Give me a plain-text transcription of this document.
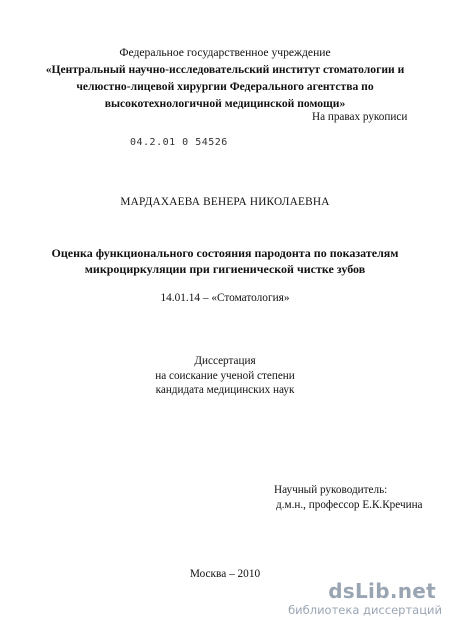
Федеральное государственное учреждение
«Центральный научно-исследовательский институт стоматологии и
челюстно-лицевой хирургии Федерального агентства по
высокотехнологичной медицинской помощи»
На правах рукописи
04.2.01 0 54526
МАРДАХАЕВА ВЕНЕРА НИКОЛАЕВНА
Оценка функционального состояния пародонта по показателям
микроциркуляции при гигиенической чистке зубов
14.01.14 – «Стоматология»
Диссертация
на соискание ученой степени
кандидата медицинских наук
Научный руководитель:
д.м.н., профессор Е.К.Кречина
Москва – 2010
dsLib.net
библиотека диссертаций
